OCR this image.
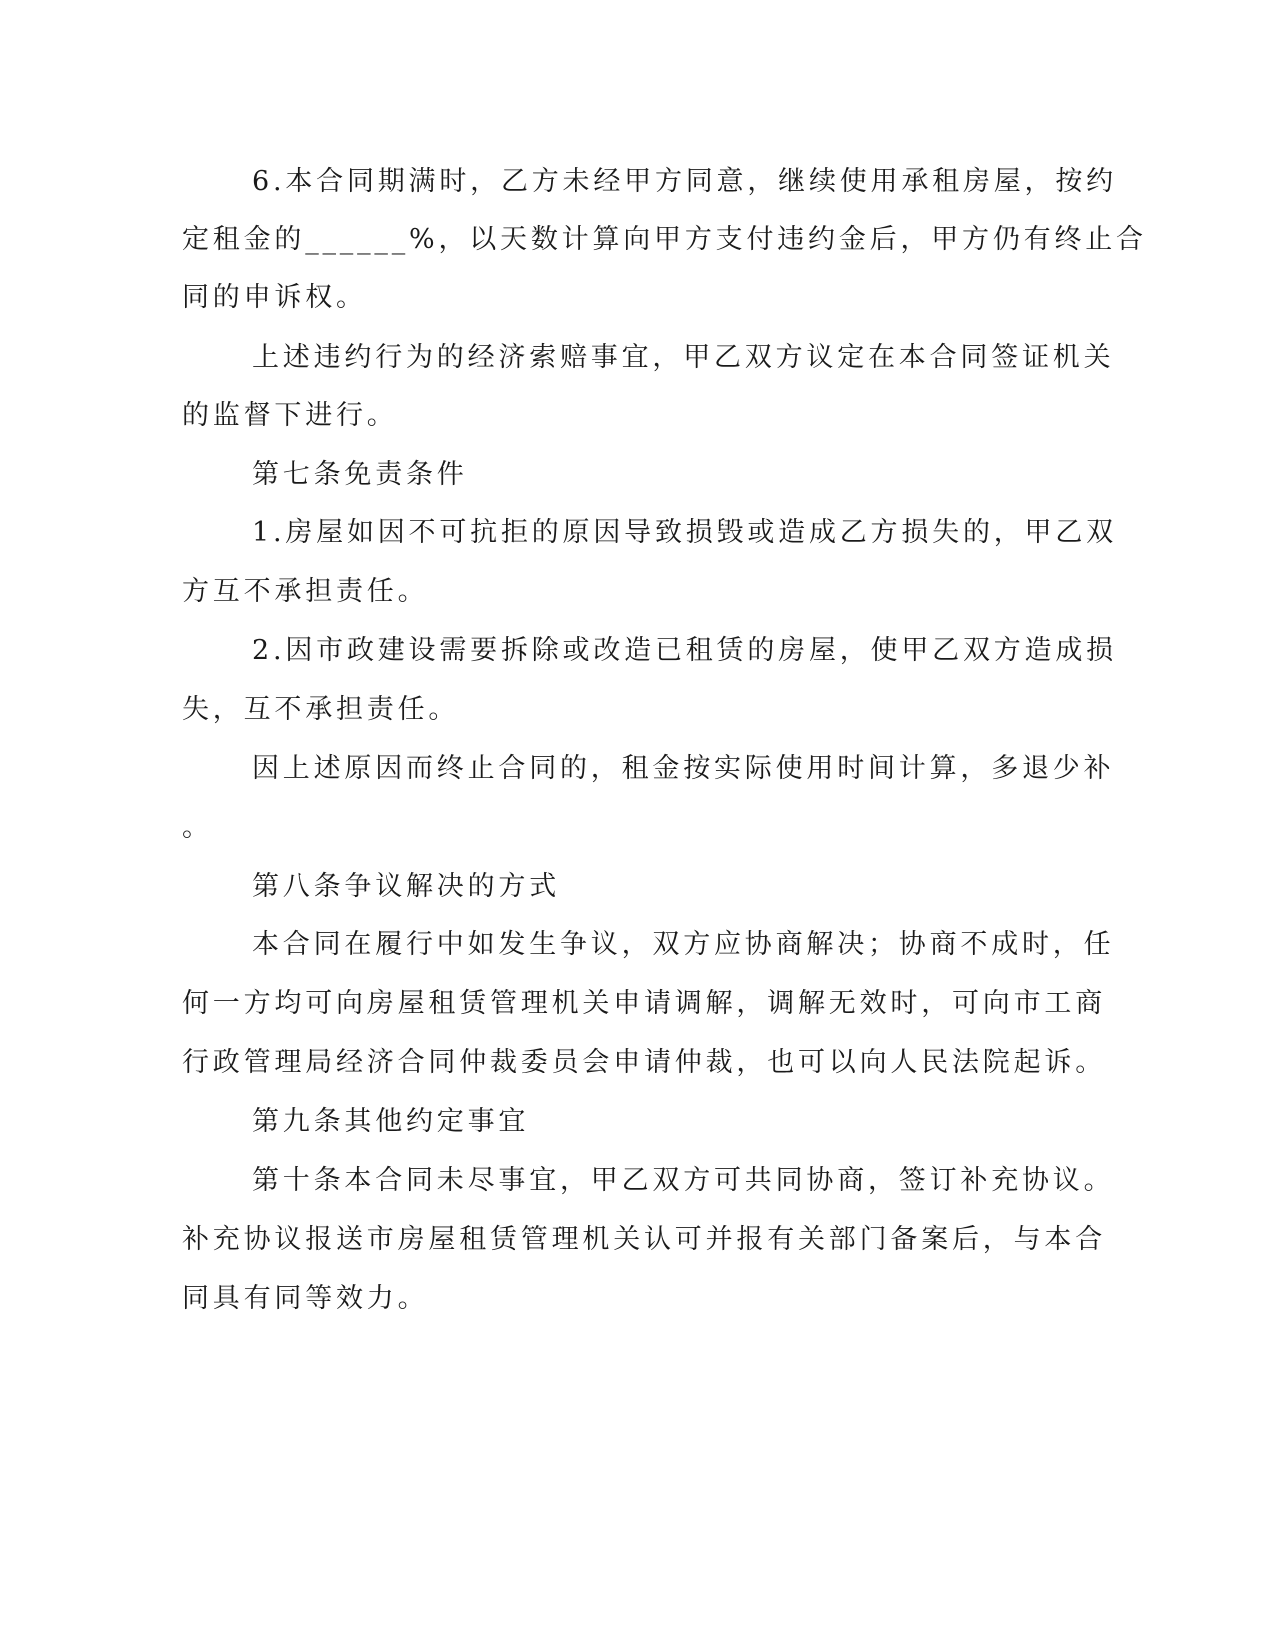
6.本合同期满时，乙方未经甲方同意，继续使用承租房屋，按约
定租金的______%，以天数计算向甲方支付违约金后，甲方仍有终止合
同的申诉权。
上述违约行为的经济索赔事宜，甲乙双方议定在本合同签证机关
的监督下进行。
第七条免责条件
1.房屋如因不可抗拒的原因导致损毁或造成乙方损失的，甲乙双
方互不承担责任。
2.因市政建设需要拆除或改造已租赁的房屋，使甲乙双方造成损
失，互不承担责任。
因上述原因而终止合同的，租金按实际使用时间计算，多退少补
。
第八条争议解决的方式
本合同在履行中如发生争议，双方应协商解决；协商不成时，任
何一方均可向房屋租赁管理机关申请调解，调解无效时，可向市工商
行政管理局经济合同仲裁委员会申请仲裁，也可以向人民法院起诉。
第九条其他约定事宜
第十条本合同未尽事宜，甲乙双方可共同协商，签订补充协议。
补充协议报送市房屋租赁管理机关认可并报有关部门备案后，与本合
同具有同等效力。
